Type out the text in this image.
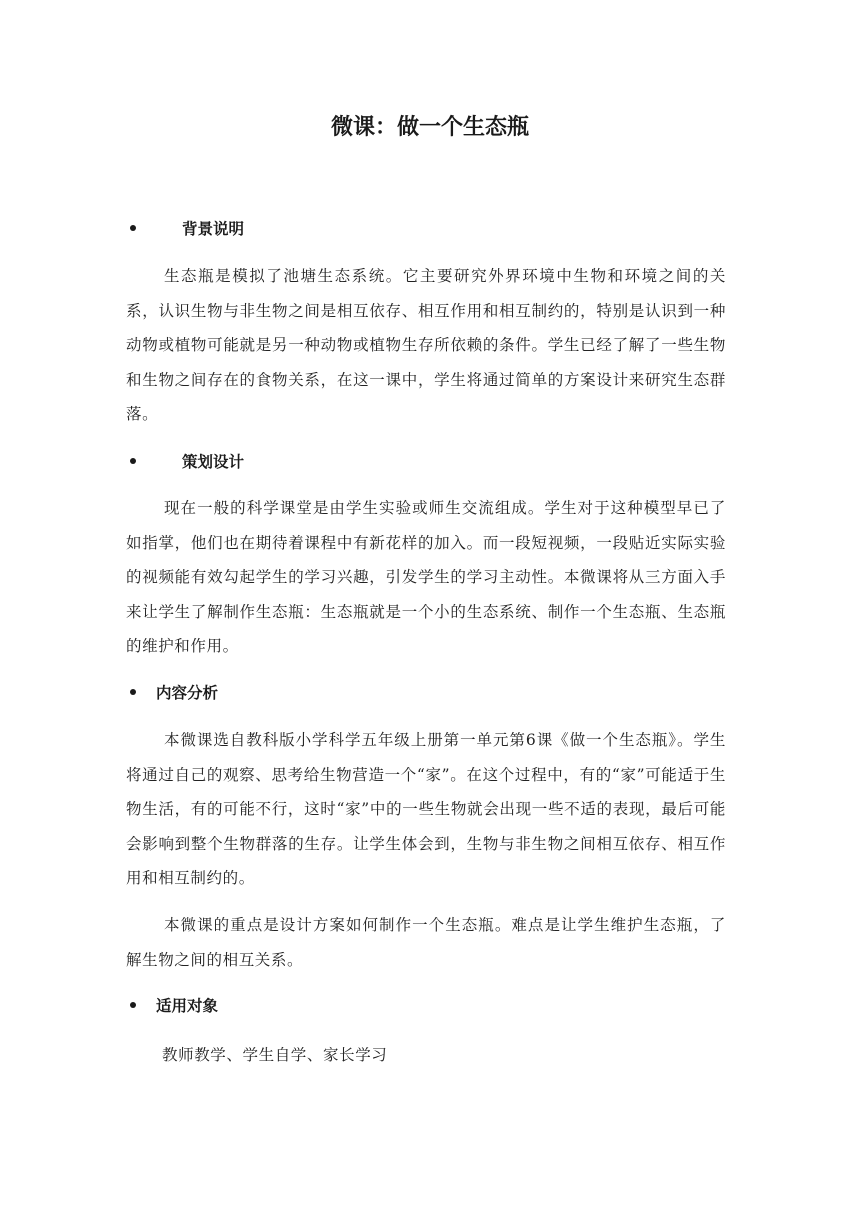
微课：做一个生态瓶
背景说明
生态瓶是模拟了池塘生态系统。它主要研究外界环境中生物和环境之间的关系，认识生物与非生物之间是相互依存、相互作用和相互制约的，特别是认识到一种动物或植物可能就是另一种动物或植物生存所依赖的条件。学生已经了解了一些生物和生物之间存在的食物关系，在这一课中，学生将通过简单的方案设计来研究生态群落。
策划设计
现在一般的科学课堂是由学生实验或师生交流组成。学生对于这种模型早已了如指掌，他们也在期待着课程中有新花样的加入。而一段短视频，一段贴近实际实验的视频能有效勾起学生的学习兴趣，引发学生的学习主动性。本微课将从三方面入手来让学生了解制作生态瓶：生态瓶就是一个小的生态系统、制作一个生态瓶、生态瓶的维护和作用。
内容分析
本微课选自教科版小学科学五年级上册第一单元第6课《做一个生态瓶》。学生将通过自己的观察、思考给生物营造一个“家”。在这个过程中，有的“家”可能适于生物生活，有的可能不行，这时“家”中的一些生物就会出现一些不适的表现，最后可能会影响到整个生物群落的生存。让学生体会到，生物与非生物之间相互依存、相互作用和相互制约的。
本微课的重点是设计方案如何制作一个生态瓶。难点是让学生维护生态瓶，了解生物之间的相互关系。
适用对象
教师教学、学生自学、家长学习
